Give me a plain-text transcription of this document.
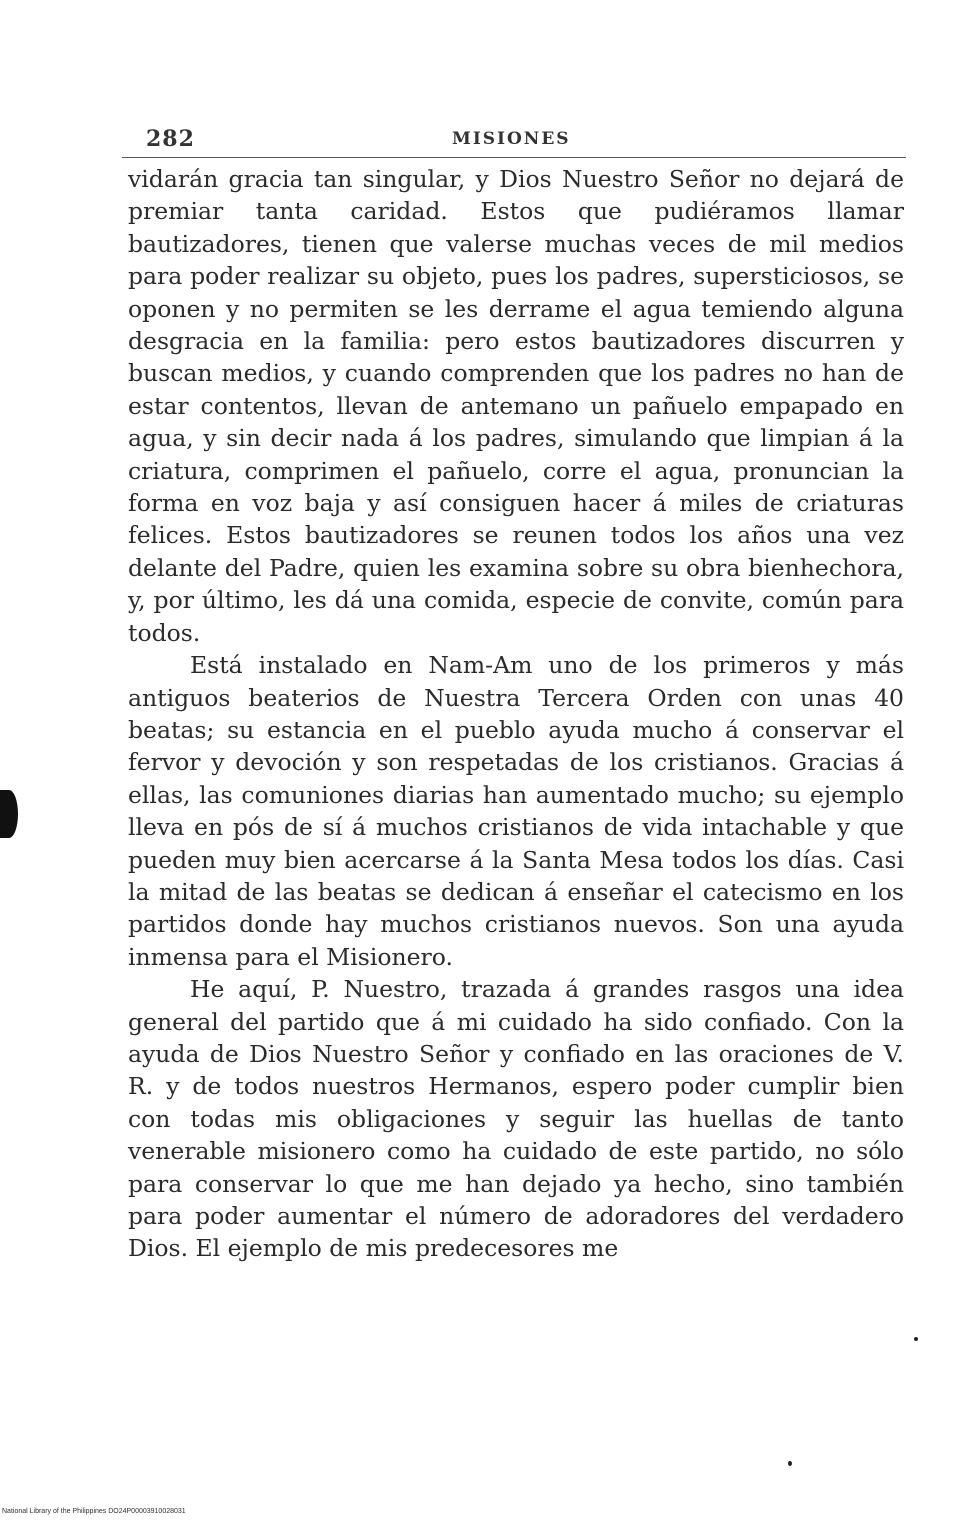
282	MISIONES

vidarán gracia tan singular, y Dios Nuestro Señor no dejará de premiar tanta caridad. Estos que pudiéramos llamar bautizadores, tienen que valerse muchas veces de mil medios para poder realizar su objeto, pues los padres, supersticiosos, se oponen y no permiten se les derrame el agua temiendo alguna desgracia en la familia: pero estos bautizadores discurren y buscan medios, y cuando comprenden que los padres no han de estar contentos, llevan de antemano un pañuelo empapado en agua, y sin decir nada á los padres, simulando que limpian á la criatura, comprimen el pañuelo, corre el agua, pronuncian la forma en voz baja y así consiguen hacer á miles de criaturas felices. Estos bautizadores se reunen todos los años una vez delante del Padre, quien les examina sobre su obra bienhechora, y, por último, les dá una comida, especie de convite, común para todos.

Está instalado en Nam-Am uno de los primeros y más antiguos beaterios de Nuestra Tercera Orden con unas 40 beatas; su estancia en el pueblo ayuda mucho á conservar el fervor y devoción y son respetadas de los cristianos. Gracias á ellas, las comuniones diarias han aumentado mucho; su ejemplo lleva en pós de sí á muchos cristianos de vida intachable y que pueden muy bien acercarse á la Santa Mesa todos los días. Casi la mitad de las beatas se dedican á enseñar el catecismo en los partidos donde hay muchos cristianos nuevos. Son una ayuda inmensa para el Misionero.

He aquí, P. Nuestro, trazada á grandes rasgos una idea general del partido que á mi cuidado ha sido confiado. Con la ayuda de Dios Nuestro Señor y confiado en las oraciones de V. R. y de todos nuestros Hermanos, espero poder cumplir bien con todas mis obligaciones y seguir las huellas de tanto venerable misionero como ha cuidado de este partido, no sólo para conservar lo que me han dejado ya hecho, sino también para poder aumentar el número de adoradores del verdadero Dios. El ejemplo de mis predecesores me

National Library of the Philippines DO24P00003910028031
